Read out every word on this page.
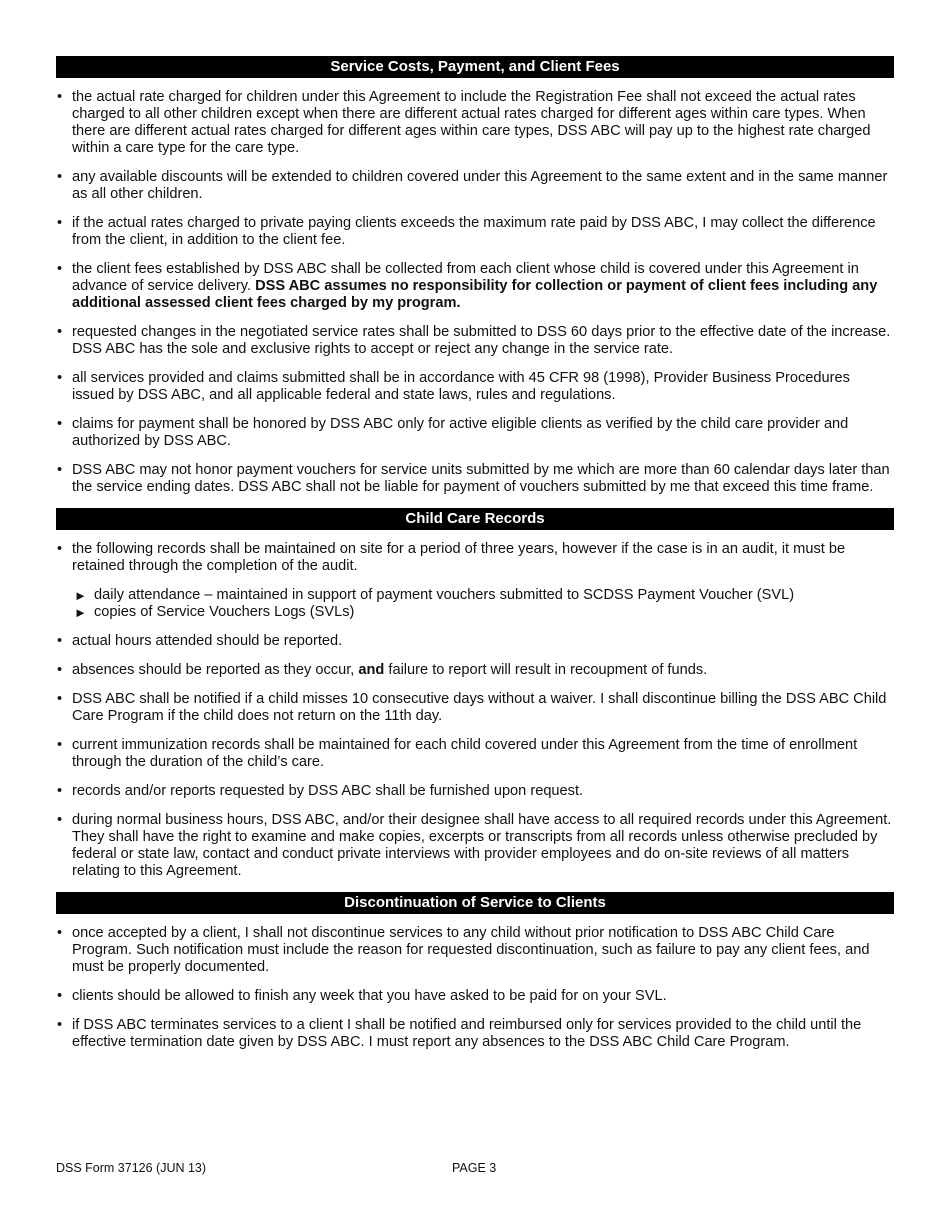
Service Costs, Payment, and Client Fees
• the actual rate charged for children under this Agreement to include the Registration Fee shall not exceed the actual rates charged to all other children except when there are different actual rates charged for different ages within care types. When there are different actual rates charged for different ages within care types, DSS ABC will pay up to the highest rate charged within a care type for the care type.
• any available discounts will be extended to children covered under this Agreement to the same extent and in the same manner as all other children.
• if the actual rates charged to private paying clients exceeds the maximum rate paid by DSS ABC, I may collect the difference from the client, in addition to the client fee.
• the client fees established by DSS ABC shall be collected from each client whose child is covered under this Agreement in advance of service delivery. DSS ABC assumes no responsibility for collection or payment of client fees including any additional assessed client fees charged by my program.
• requested changes in the negotiated service rates shall be submitted to DSS 60 days prior to the effective date of the increase. DSS ABC has the sole and exclusive rights to accept or reject any change in the service rate.
• all services provided and claims submitted shall be in accordance with 45 CFR 98 (1998), Provider Business Procedures issued by DSS ABC, and all applicable federal and state laws, rules and regulations.
• claims for payment shall be honored by DSS ABC only for active eligible clients as verified by the child care provider and authorized by DSS ABC.
• DSS ABC may not honor payment vouchers for service units submitted by me which are more than 60 calendar days later than the service ending dates. DSS ABC shall not be liable for payment of vouchers submitted by me that exceed this time frame.
Child Care Records
• the following records shall be maintained on site for a period of three years, however if the case is in an audit, it must be retained through the completion of the audit.
► daily attendance – maintained in support of payment vouchers submitted to SCDSS Payment Voucher (SVL)
► copies of Service Vouchers Logs (SVLs)
• actual hours attended should be reported.
• absences should be reported as they occur, and failure to report will result in recoupment of funds.
• DSS ABC shall be notified if a child misses 10 consecutive days without a waiver. I shall discontinue billing the DSS ABC Child Care Program if the child does not return on the 11th day.
• current immunization records shall be maintained for each child covered under this Agreement from the time of enrollment through the duration of the child’s care.
• records and/or reports requested by DSS ABC shall be furnished upon request.
• during normal business hours, DSS ABC, and/or their designee shall have access to all required records under this Agreement. They shall have the right to examine and make copies, excerpts or transcripts from all records unless otherwise precluded by federal or state law, contact and conduct private interviews with provider employees and do on-site reviews of all matters relating to this Agreement.
Discontinuation of Service to Clients
• once accepted by a client, I shall not discontinue services to any child without prior notification to DSS ABC Child Care Program. Such notification must include the reason for requested discontinuation, such as failure to pay any client fees, and must be properly documented.
• clients should be allowed to finish any week that you have asked to be paid for on your SVL.
• if DSS ABC terminates services to a client I shall be notified and reimbursed only for services provided to the child until the effective termination date given by DSS ABC. I must report any absences to the DSS ABC Child Care Program.
DSS Form 37126 (JUN 13)	PAGE 3
